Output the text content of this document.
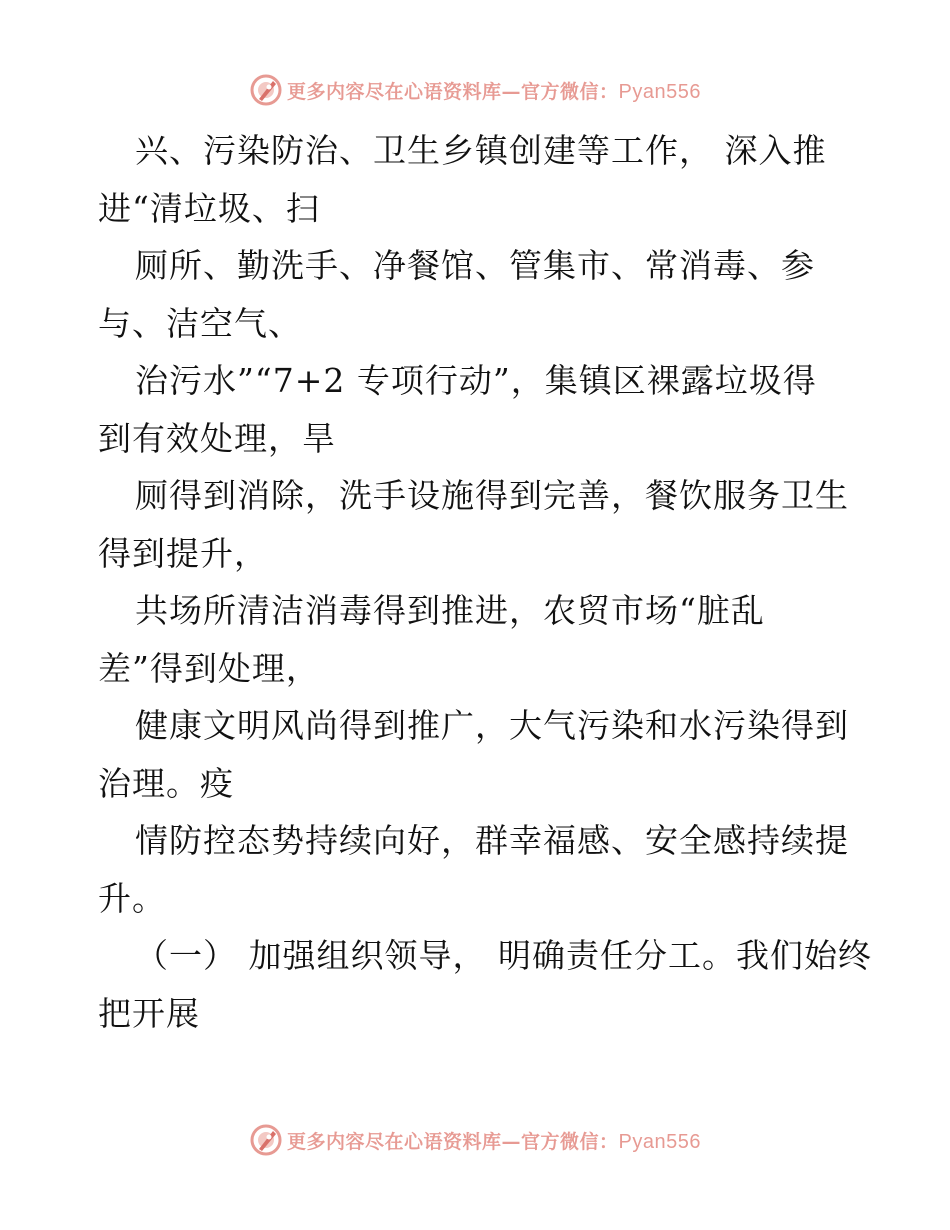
更多内容尽在心语资料库—官方微信：Pyan556
兴、污染防治、卫生乡镇创建等工作， 深入推
进“清垃圾、扫
厕所、勤洗手、净餐馆、管集市、常消毒、参
与、洁空气、
治污水”“7+2 专项行动”，集镇区裸露垃圾得
到有效处理，旱
厕得到消除，洗手设施得到完善，餐饮服务卫生
得到提升，
共场所清洁消毒得到推进，农贸市场“脏乱
差”得到处理，
健康文明风尚得到推广，大气污染和水污染得到
治理。疫
情防控态势持续向好，群幸福感、安全感持续提
升。
（一） 加强组织领导， 明确责任分工。我们始终
把开展
更多内容尽在心语资料库—官方微信：Pyan556
